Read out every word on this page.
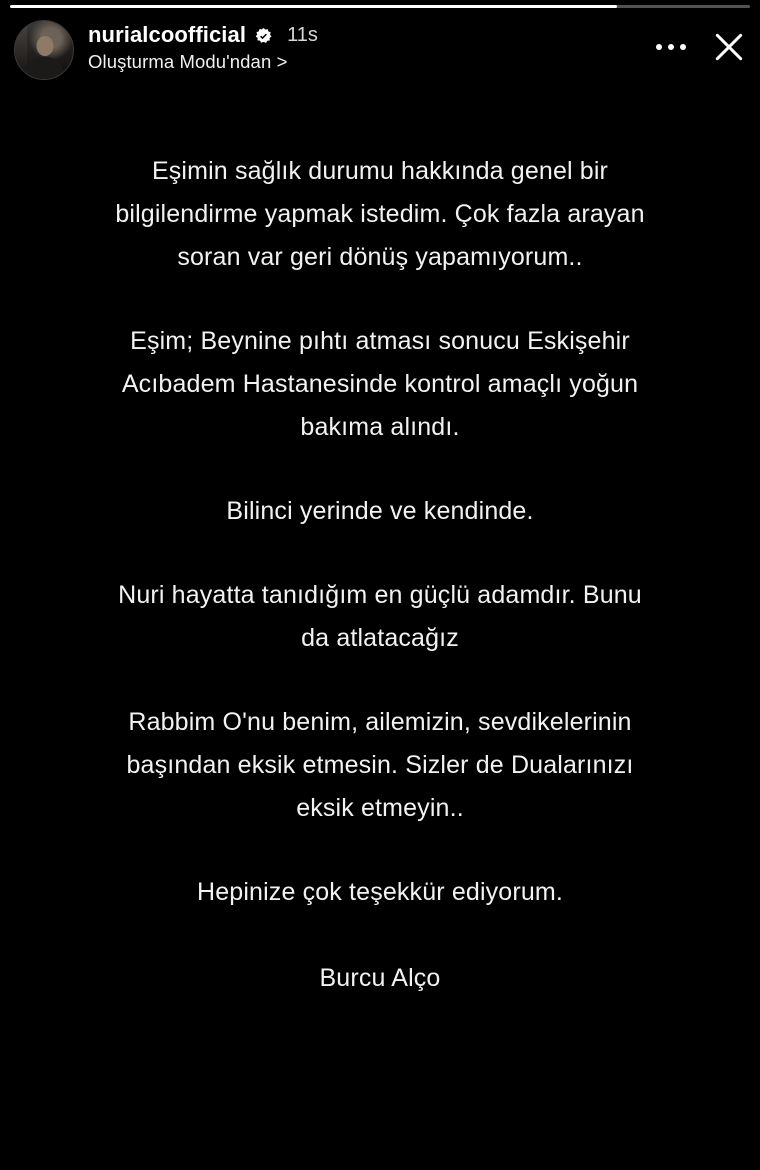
nurialcoofficial 11s
Oluşturma Modu'ndan >

Eşimin sağlık durumu hakkında genel bir bilgilendirme yapmak istedim. Çok fazla arayan soran var geri dönüş yapamıyorum..

Eşim; Beynine pıhtı atması sonucu Eskişehir Acıbadem Hastanesinde kontrol amaçlı yoğun bakıma alındı.

Bilinci yerinde ve kendinde.

Nuri hayatta tanıdığım en güçlü adamdır. Bunu da atlatacağız

Rabbim O'nu benim, ailemizin, sevdikelerinin başından eksik etmesin. Sizler de Dualarınızı eksik etmeyin..

Hepinize çok teşekkür ediyorum.

Burcu Alço
